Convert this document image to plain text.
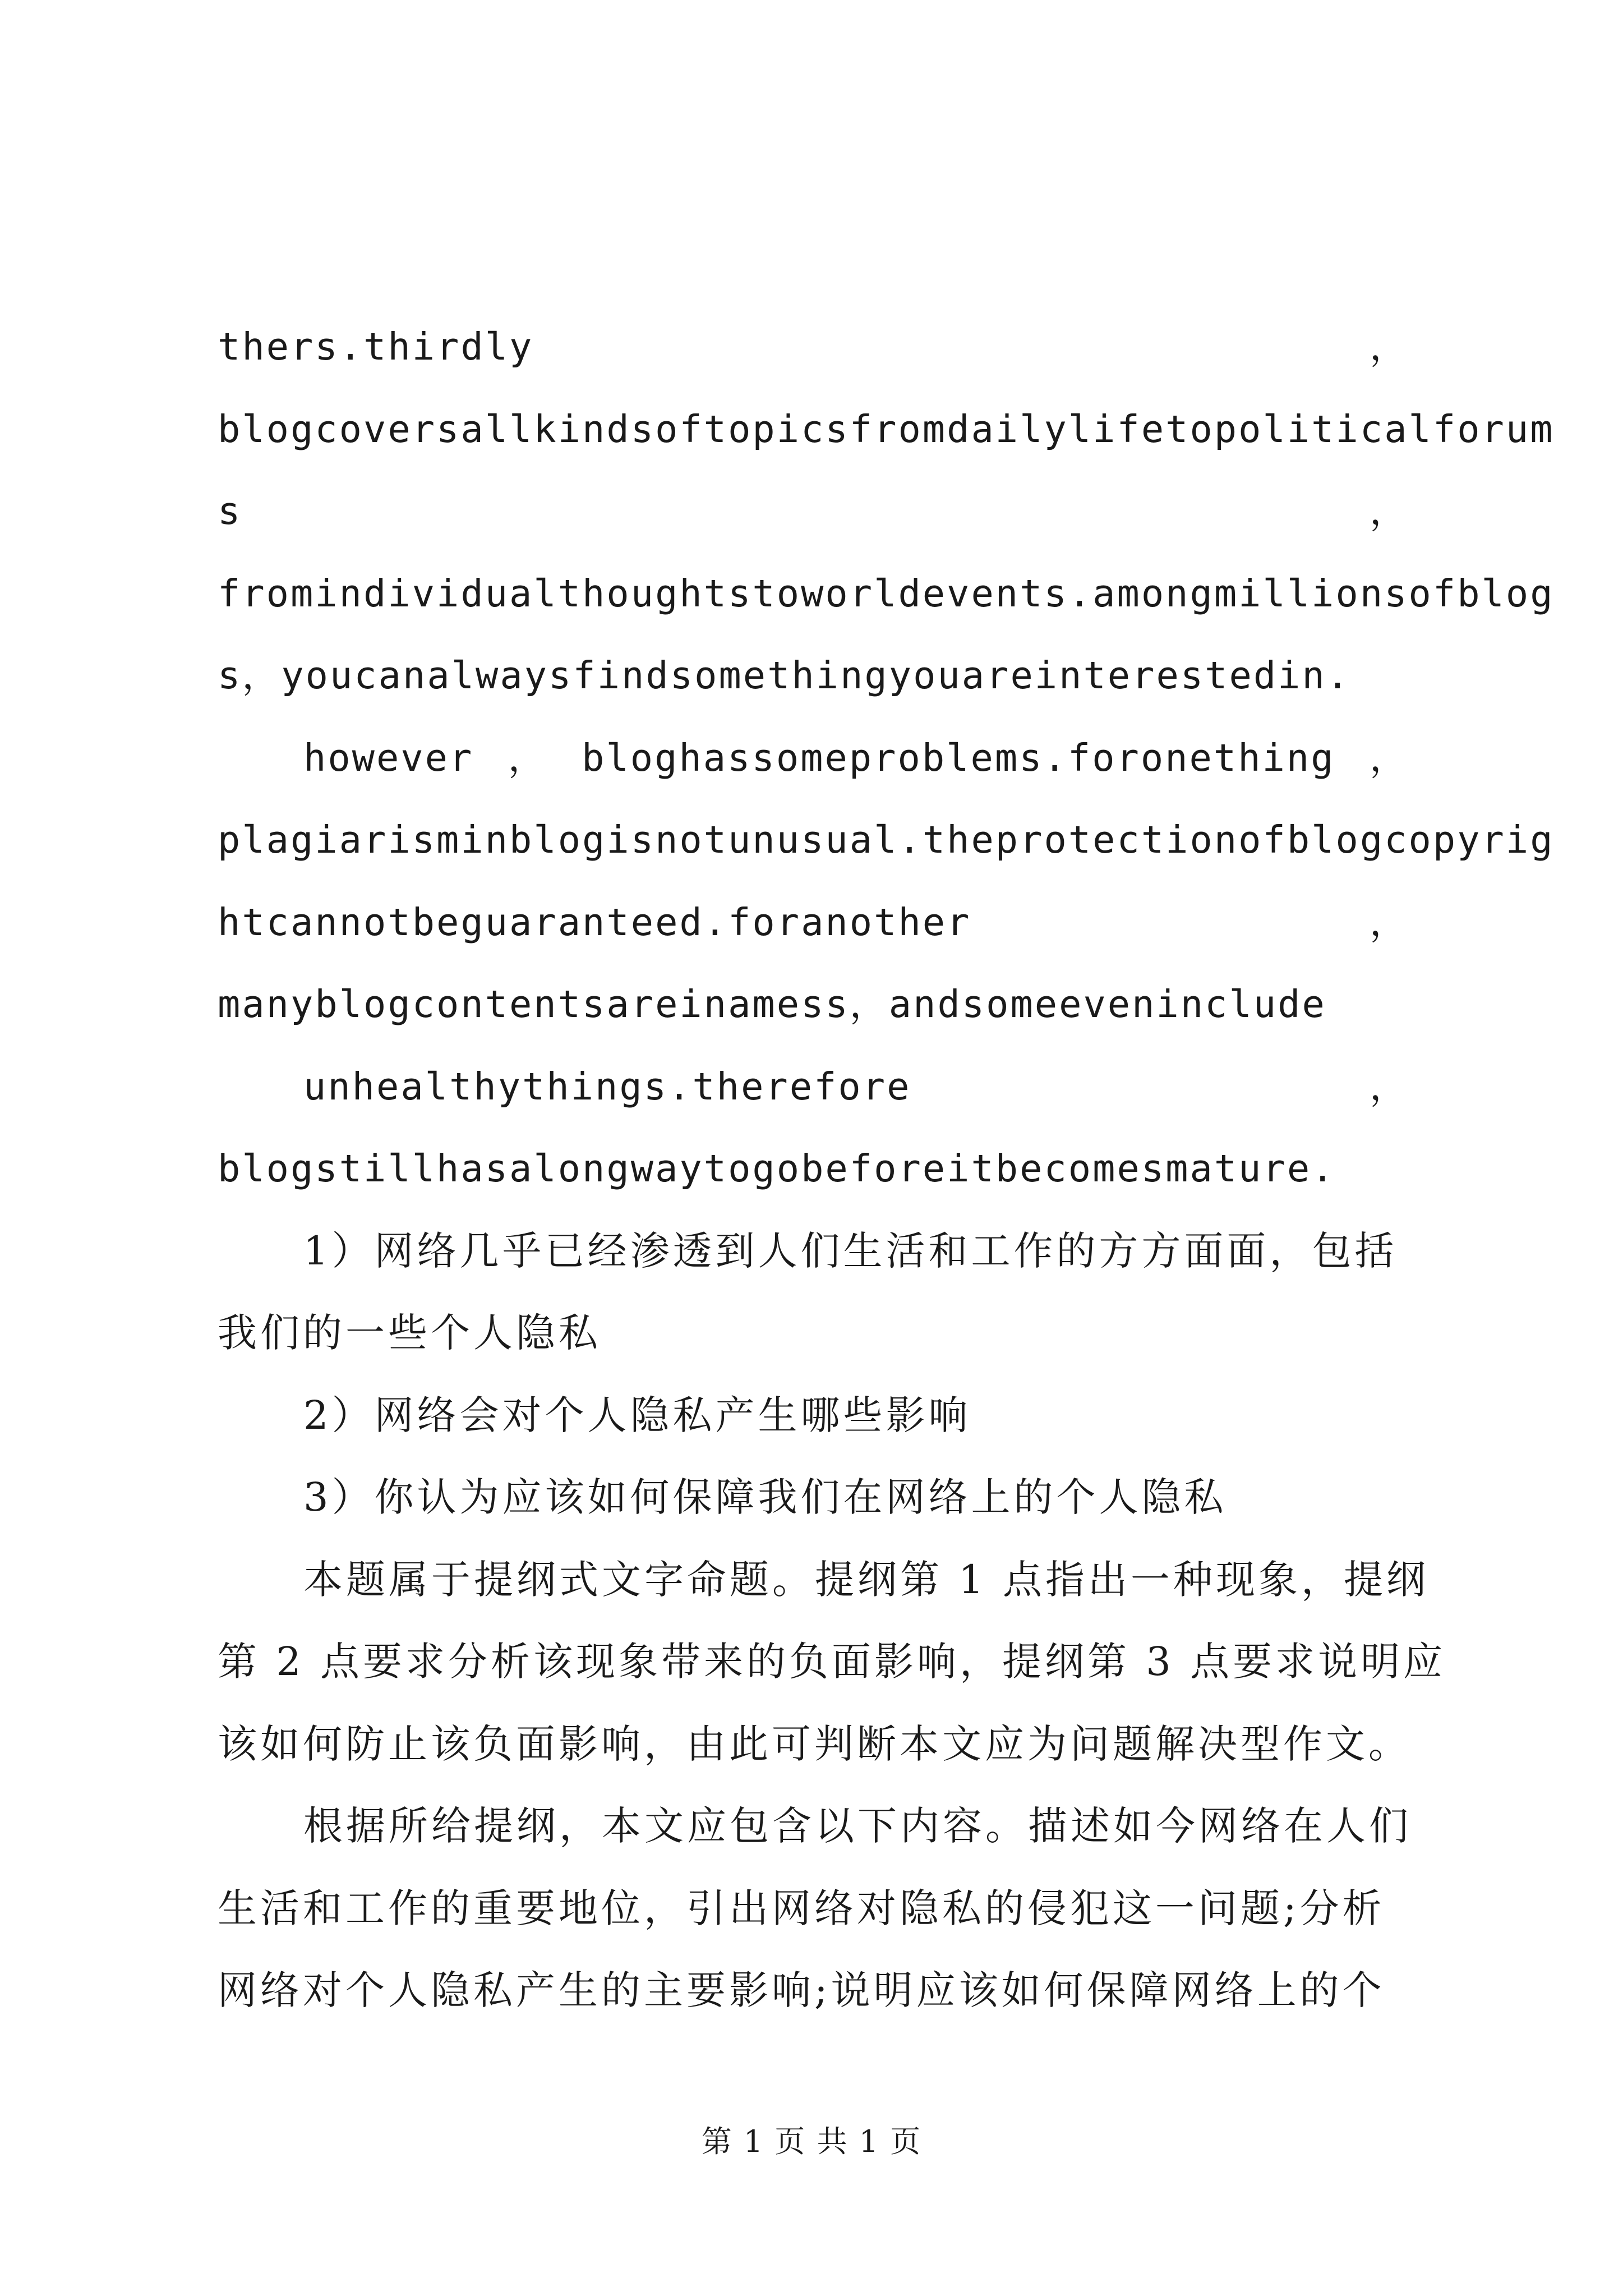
thers.thirdly	，
blogcoversallkindsoftopicsfromdailylifetopoliticalforum
s	，
fromindividualthoughtstoworldevents.amongmillionsofblog
s，youcanalwaysfindsomethingyouareinterestedin.
however ， bloghassomeproblems.foronething ，
plagiarisminblogisnotunusual.theprotectionofblogcopyrig
htcannotbeguaranteed.foranother	，
manyblogcontentsareinamess，andsomeeveninclude
unhealthythings.therefore	，
blogstillhasalongwaytogobeforeitbecomesmature.
1）网络几乎已经渗透到人们生活和工作的方方面面，包括
我们的一些个人隐私
2）网络会对个人隐私产生哪些影响
3）你认为应该如何保障我们在网络上的个人隐私
本题属于提纲式文字命题。提纲第 1 点指出一种现象，提纲
第 2 点要求分析该现象带来的负面影响，提纲第 3 点要求说明应
该如何防止该负面影响，由此可判断本文应为问题解决型作文。
根据所给提纲，本文应包含以下内容。描述如今网络在人们
生活和工作的重要地位，引出网络对隐私的侵犯这一问题;分析
网络对个人隐私产生的主要影响;说明应该如何保障网络上的个
第 1 页 共 1 页
